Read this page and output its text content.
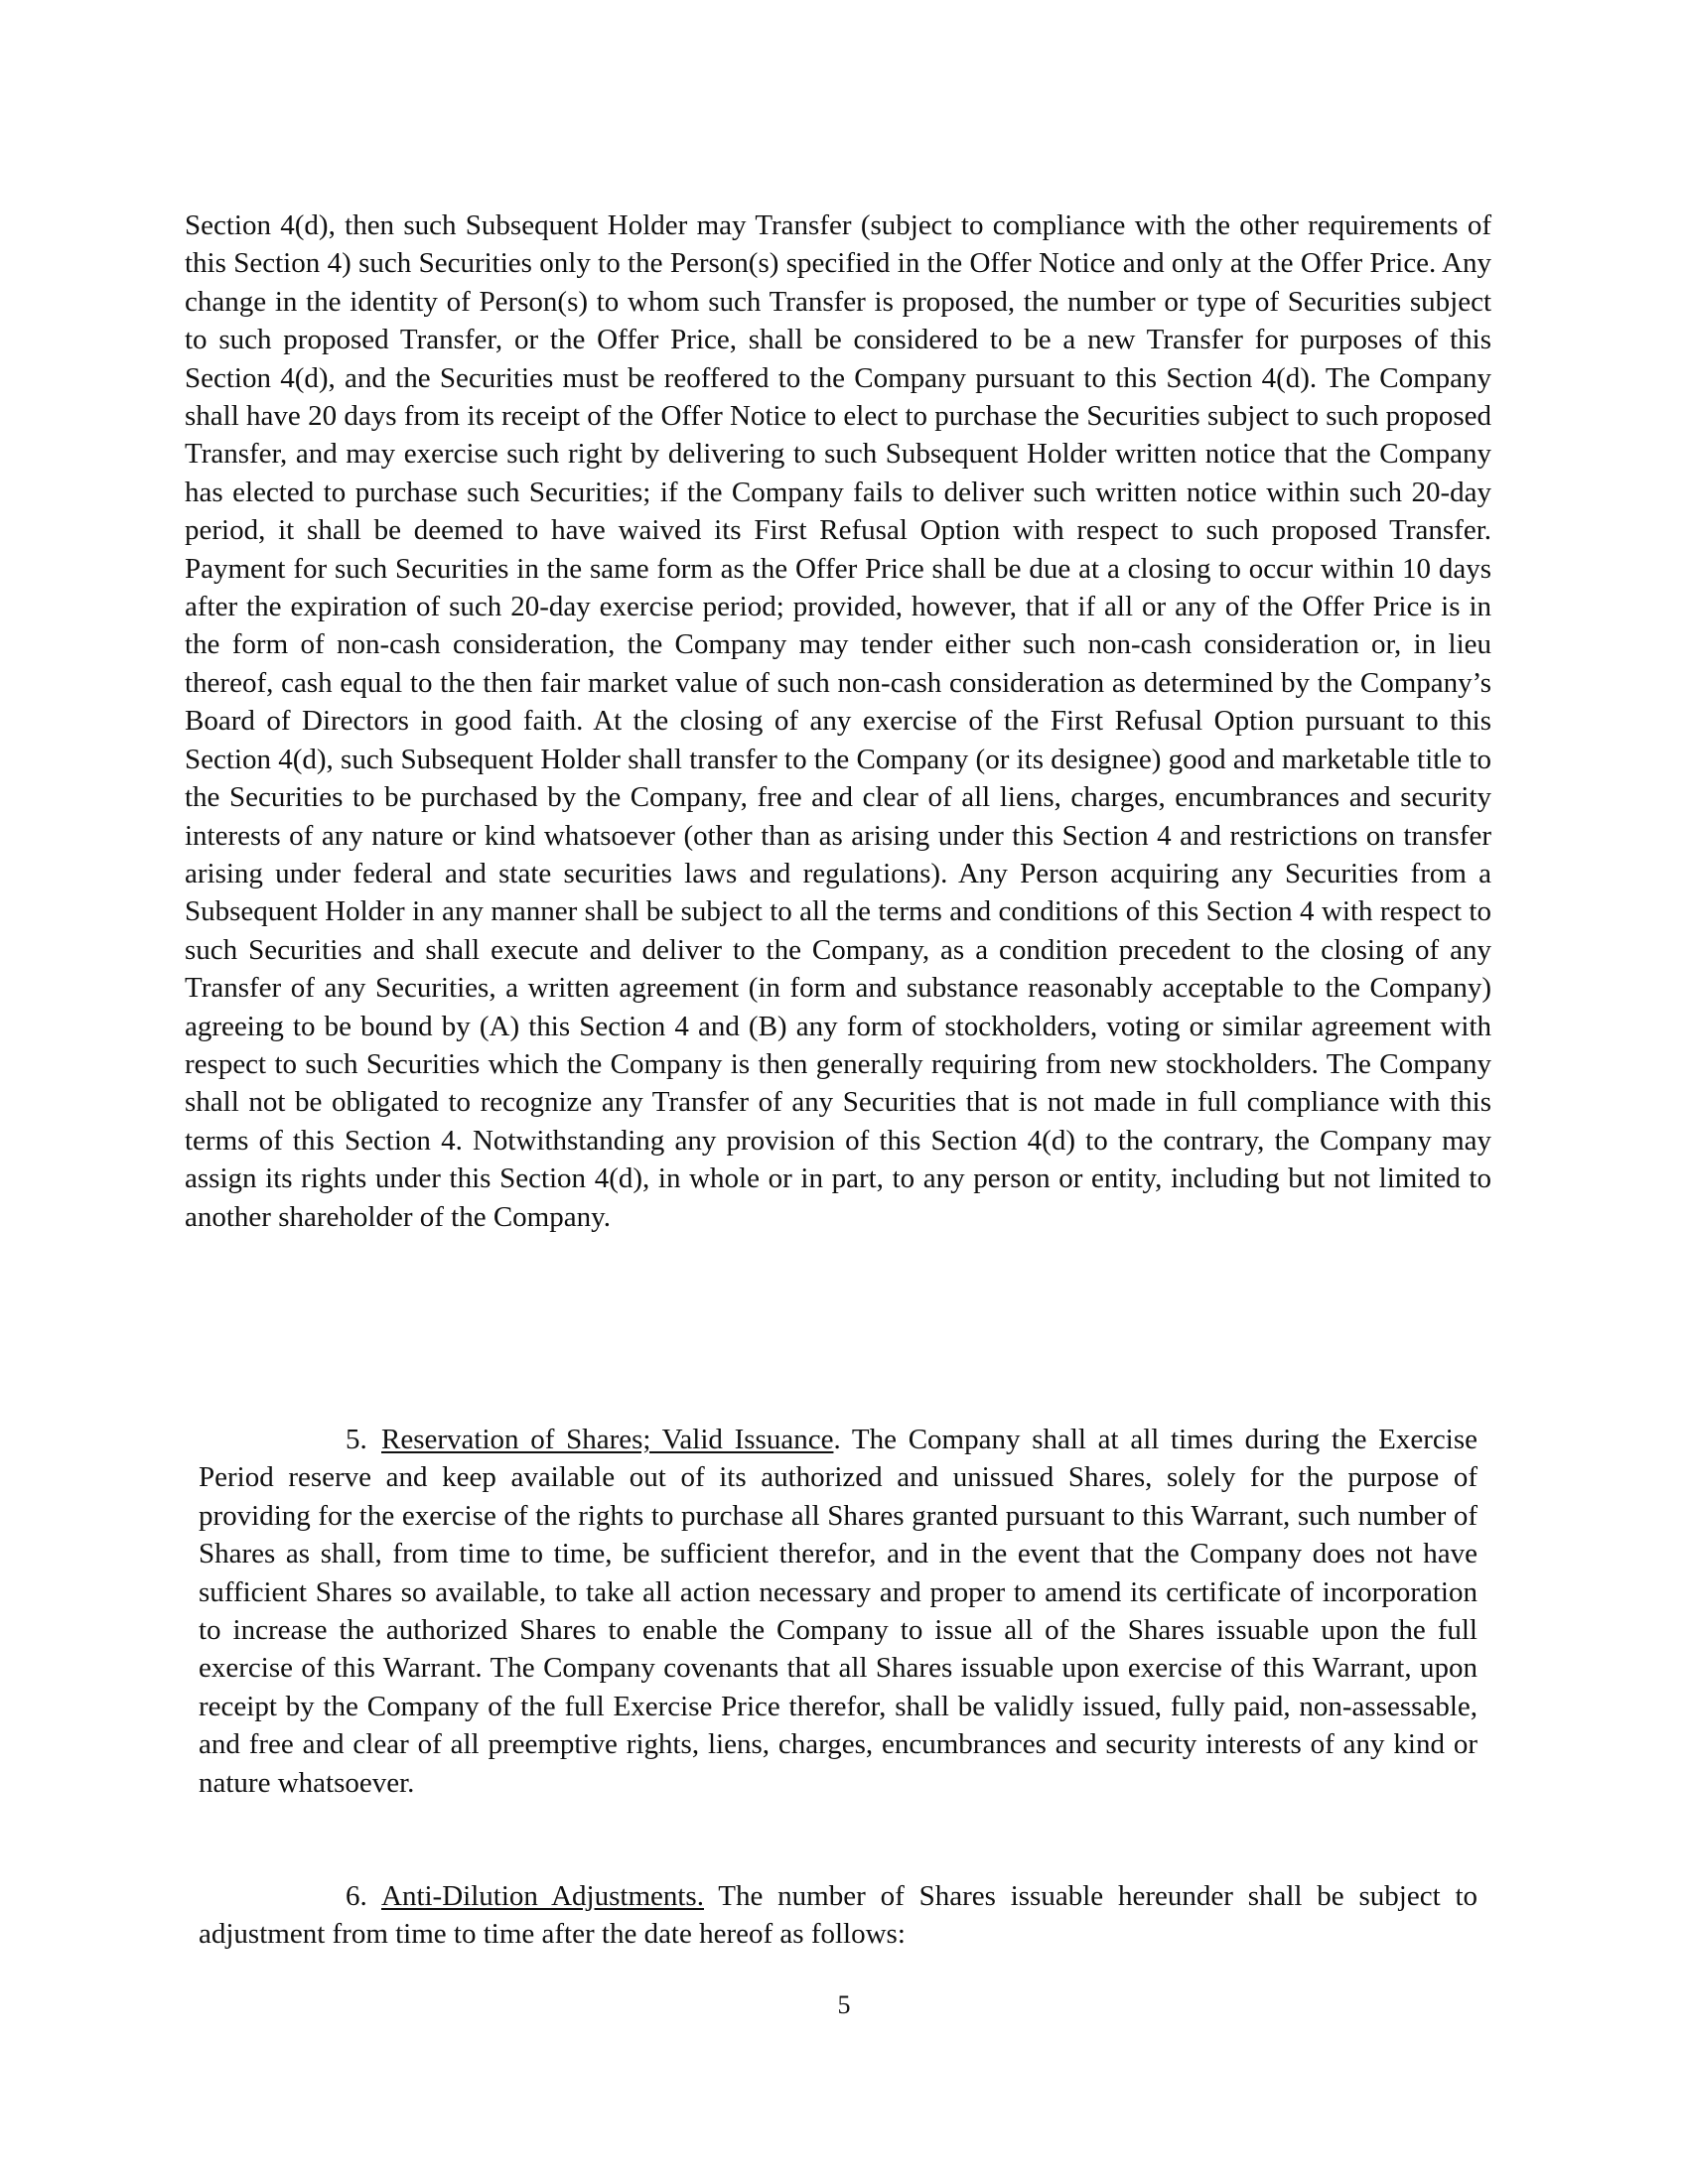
Section 4(d), then such Subsequent Holder may Transfer (subject to compliance with the other requirements of this Section 4) such Securities only to the Person(s) specified in the Offer Notice and only at the Offer Price. Any change in the identity of Person(s) to whom such Transfer is proposed, the number or type of Securities subject to such proposed Transfer, or the Offer Price, shall be considered to be a new Transfer for purposes of this Section 4(d), and the Securities must be reoffered to the Company pursuant to this Section 4(d). The Company shall have 20 days from its receipt of the Offer Notice to elect to purchase the Securities subject to such proposed Transfer, and may exercise such right by delivering to such Subsequent Holder written notice that the Company has elected to purchase such Securities; if the Company fails to deliver such written notice within such 20-day period, it shall be deemed to have waived its First Refusal Option with respect to such proposed Transfer. Payment for such Securities in the same form as the Offer Price shall be due at a closing to occur within 10 days after the expiration of such 20-day exercise period; provided, however, that if all or any of the Offer Price is in the form of non-cash consideration, the Company may tender either such non-cash consideration or, in lieu thereof, cash equal to the then fair market value of such non-cash consideration as determined by the Company’s Board of Directors in good faith. At the closing of any exercise of the First Refusal Option pursuant to this Section 4(d), such Subsequent Holder shall transfer to the Company (or its designee) good and marketable title to the Securities to be purchased by the Company, free and clear of all liens, charges, encumbrances and security interests of any nature or kind whatsoever (other than as arising under this Section 4 and restrictions on transfer arising under federal and state securities laws and regulations). Any Person acquiring any Securities from a Subsequent Holder in any manner shall be subject to all the terms and conditions of this Section 4 with respect to such Securities and shall execute and deliver to the Company, as a condition precedent to the closing of any Transfer of any Securities, a written agreement (in form and substance reasonably acceptable to the Company) agreeing to be bound by (A) this Section 4 and (B) any form of stockholders, voting or similar agreement with respect to such Securities which the Company is then generally requiring from new stockholders. The Company shall not be obligated to recognize any Transfer of any Securities that is not made in full compliance with this terms of this Section 4. Notwithstanding any provision of this Section 4(d) to the contrary, the Company may assign its rights under this Section 4(d), in whole or in part, to any person or entity, including but not limited to another shareholder of the Company.

5. Reservation of Shares; Valid Issuance. The Company shall at all times during the Exercise Period reserve and keep available out of its authorized and unissued Shares, solely for the purpose of providing for the exercise of the rights to purchase all Shares granted pursuant to this Warrant, such number of Shares as shall, from time to time, be sufficient therefor, and in the event that the Company does not have sufficient Shares so available, to take all action necessary and proper to amend its certificate of incorporation to increase the authorized Shares to enable the Company to issue all of the Shares issuable upon the full exercise of this Warrant. The Company covenants that all Shares issuable upon exercise of this Warrant, upon receipt by the Company of the full Exercise Price therefor, shall be validly issued, fully paid, non-assessable, and free and clear of all preemptive rights, liens, charges, encumbrances and security interests of any kind or nature whatsoever.

6. Anti-Dilution Adjustments. The number of Shares issuable hereunder shall be subject to adjustment from time to time after the date hereof as follows:

5
